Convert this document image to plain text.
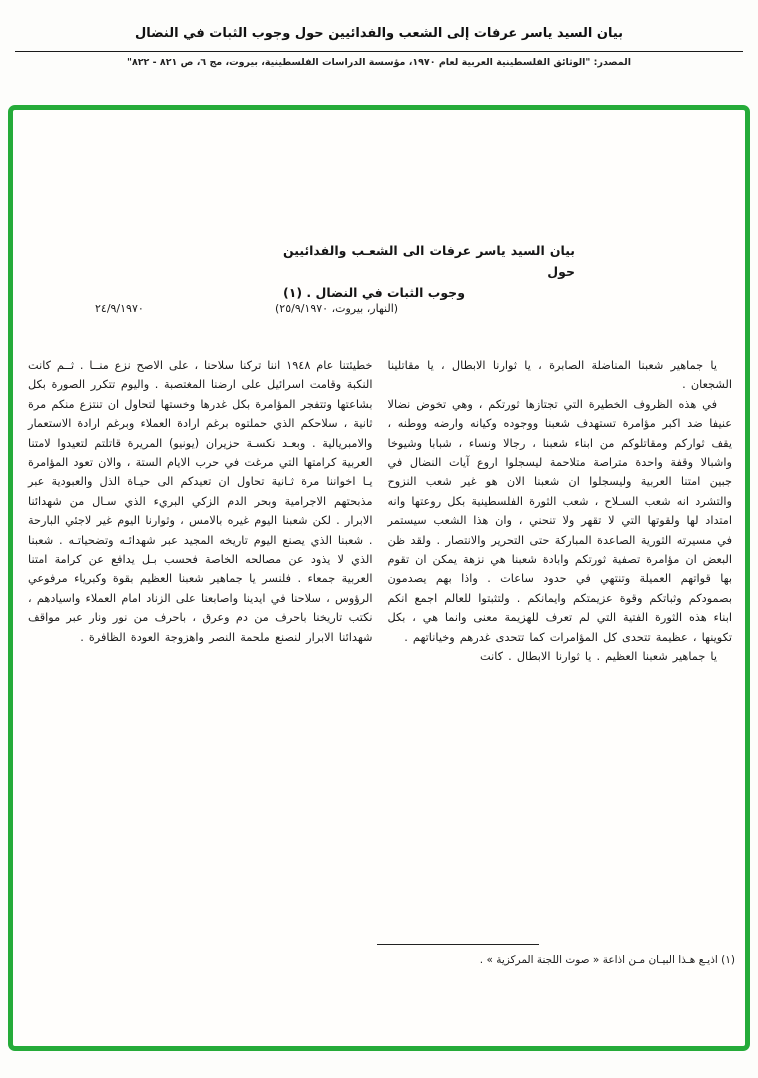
بيان السيد ياسر عرفات إلى الشعب والفدائيين حول وجوب الثبات في النضال
المصدر: "الوثائق الفلسطينية العربية لعام ١٩٧٠، مؤسسة الدراسات الفلسطينية، بيروت، مج ٦، ص ٨٢١ - ٨٢٢"
بيان السيد ياسر عرفات الى الشعـب والفدائيين حول
وجوب الثبات في النضال . (١)
٢٤/٩/١٩٧٠	(النهار، بيروت، ٢٥/٩/١٩٧٠)

يا جماهير شعبنا المناضلة الصابرة ، يا ثوارنا الابطال ، يا مقاتلينا الشجعان .

في هذه الظروف الخطيرة التي تجتازها ثورتكم ، وهي تخوض نضالا عنيفا ضد اكبر مؤامرة تستهدف شعبنا ووجوده وكيانه وارضه ووطنه ، يقف ثواركم ومقاتلوكم من ابناء شعبنا ، رجالا ونساء ، شبابا وشيوخا واشبالا وقفة واحدة متراصة متلاحمة ليسجلوا اروع آيات النضال في جبين امتنا العربية وليسجلوا ان شعبنا الان هو غير شعب النزوح والتشرد انه شعب السـلاح ، شعب الثورة الفلسطينية بكل روعتها وانه امتداد لها ولقوتها التي لا تقهر ولا تنحني ، وان هذا الشعب سيستمر في مسيرته الثورية الصاعدة المباركة حتى التحرير والانتصار . ولقد ظن البعض ان مؤامرة تصفية ثورتكم وابادة شعبنا هي نزهة يمكن ان تقوم بها قواتهم العميلة وتنتهي في حدود ساعات . واذا بهم يصدمون بصمودكم وثباتكم وقوة عزيمتكم وايمانكم . ولتثبتوا للعالم اجمع انكم ابناء هذه الثورة الفتية التي لم تعرف للهزيمة معنى وانما هي ، بكل تكوينها ، عظيمة تتحدى كل المؤامرات كما تتحدى غدرهم وخياناتهم .

يا جماهير شعبنا العظيم . يا ثوارنا الابطال . كانت

خطيئتنا عام ١٩٤٨ اننا تركنا سلاحنا ، على الاصح نزع منــا . ثــم كانت النكبة وقامت اسرائيل على ارضنا المغتصبة . واليوم تتكرر الصورة بكل بشاعتها وتتفجر المؤامرة بكل غدرها وخستها لتحاول ان تنتزع منكم مرة ثانية ، سلاحكم الذي حملتوه برغم ارادة العملاء وبرغم ارادة الاستعمار والامبريالية . وبعـد نكسـة حزيران (يونيو) المريرة قاتلتم لتعيدوا لامتنا العربية كرامتها التي مرغت في حرب الايام الستة ، والان تعود المؤامرة يـا اخواننا مرة ثـانية تحاول ان تعيدكم الى حيـاة الذل والعبودية عبر مذبحتهم الاجرامية وبحر الدم الزكي البريء الذي سـال من شهدائنا الابرار . لكن شعبنا اليوم غيره بالامس ، وثوارنا اليوم غير لاجئي البارحة . شعبنا الذي يصنع اليوم تاريخه المجيد عبر شهدائـه وتضحياتـه . شعبنا الذي لا يذود عن مصالحه الخاصة فحسب بـل يدافع عن كرامة امتنا العربية جمعاء . فلنسر يا جماهير شعبنا العظيم بقوة وكبرياء مرفوعي الرؤوس ، سلاحنا في ايدينا واصابعنا على الزناد امام العملاء واسيادهم ، نكتب تاريخنا باحرف من دم وعرق ، باحرف من نور ونار عبر مواقف شهدائنا الابرار لنصنع ملحمة النصر واهزوجة العودة الظافرة .

(١) اذيـع هـذا البيـان مـن اذاعة « صوت اللجنة المركزية » .
